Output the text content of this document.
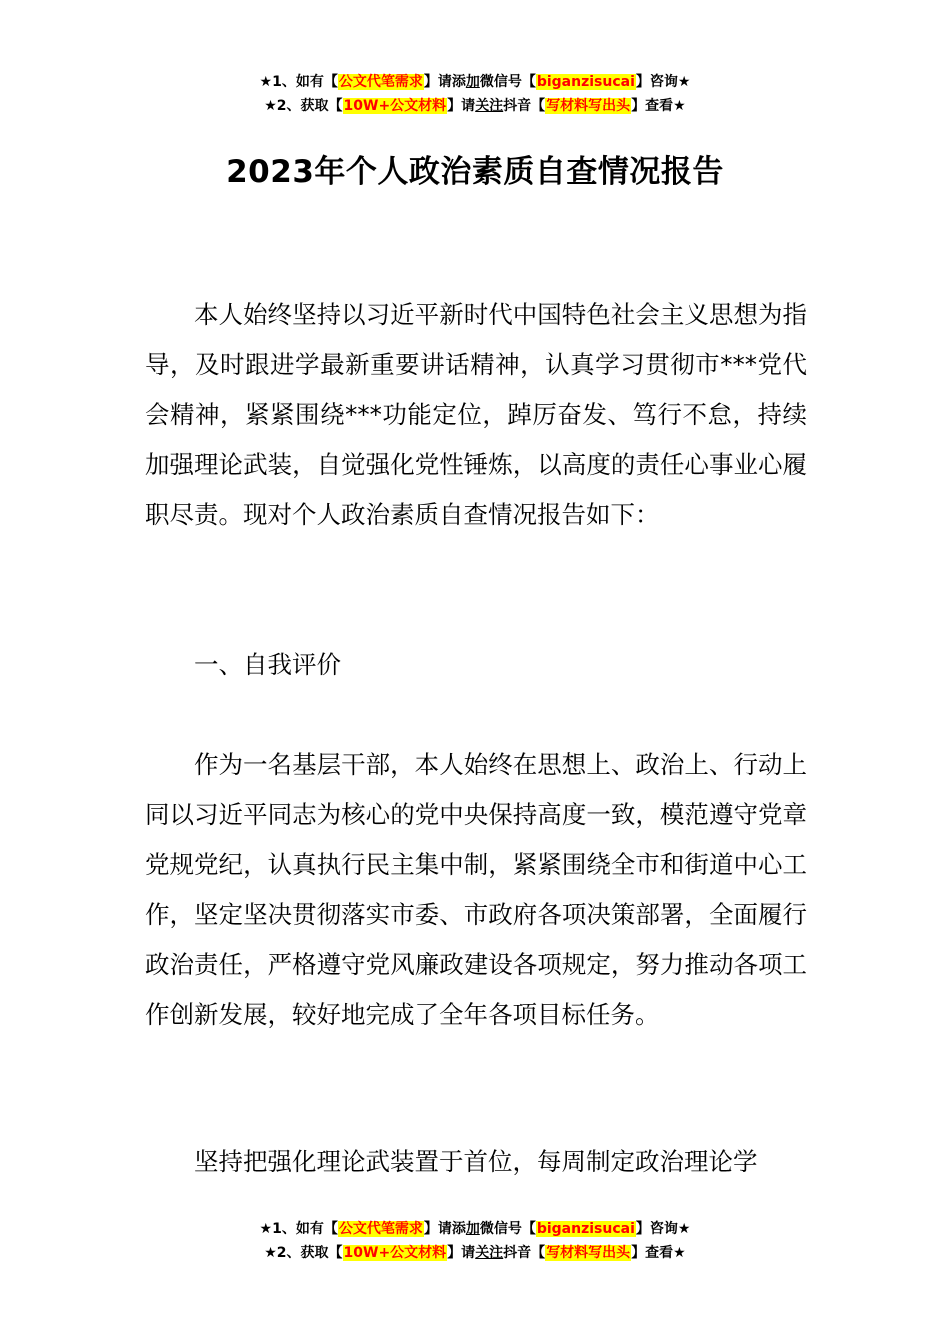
★1、如有【公文代笔需求】请添加微信号【biganzisucai】咨询★
★2、获取【10W+公文材料】请关注抖音【写材料写出头】查看★
2023年个人政治素质自查情况报告

本人始终坚持以习近平新时代中国特色社会主义思想为指导，及时跟进学最新重要讲话精神，认真学习贯彻市***党代会精神，紧紧围绕***功能定位，踔厉奋发、笃行不怠，持续加强理论武装，自觉强化党性锤炼，以高度的责任心事业心履职尽责。现对个人政治素质自查情况报告如下：

一、自我评价

作为一名基层干部，本人始终在思想上、政治上、行动上同以习近平同志为核心的党中央保持高度一致，模范遵守党章党规党纪，认真执行民主集中制，紧紧围绕全市和街道中心工作，坚定坚决贯彻落实市委、市政府各项决策部署，全面履行政治责任，严格遵守党风廉政建设各项规定，努力推动各项工作创新发展，较好地完成了全年各项目标任务。

坚持把强化理论武装置于首位，每周制定政治理论学

★1、如有【公文代笔需求】请添加微信号【biganzisucai】咨询★
★2、获取【10W+公文材料】请关注抖音【写材料写出头】查看★
